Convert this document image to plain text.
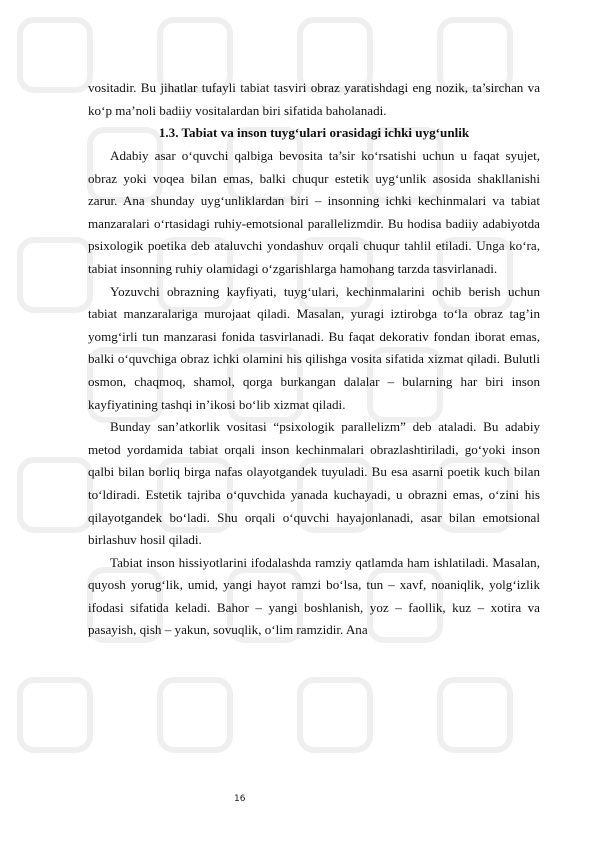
vositadir. Bu jihatlar tufayli tabiat tasviri obraz yaratishdagi eng nozik, ta’sirchan va ko‘p ma’noli badiiy vositalardan biri sifatida baholanadi.

1.3. Tabiat va inson tuyg‘ulari orasidagi ichki uyg‘unlik

Adabiy asar o‘quvchi qalbiga bevosita ta’sir ko‘rsatishi uchun u faqat syujet, obraz yoki voqea bilan emas, balki chuqur estetik uyg‘unlik asosida shakllanishi zarur. Ana shunday uyg‘unliklardan biri – insonning ichki kechinmalari va tabiat manzaralari o‘rtasidagi ruhiy-emotsional parallelizmdir. Bu hodisa badiiy adabiyotda psixologik poetika deb ataluvchi yondashuv orqali chuqur tahlil etiladi. Unga ko‘ra, tabiat insonning ruhiy olamidagi o‘zgarishlarga hamohang tarzda tasvirlanadi.

Yozuvchi obrazning kayfiyati, tuyg‘ulari, kechinmalarini ochib berish uchun tabiat manzaralariga murojaat qiladi. Masalan, yuragi iztirobga to‘la obraz tag’in yomg‘irli tun manzarasi fonida tasvirlanadi. Bu faqat dekorativ fondan iborat emas, balki o‘quvchiga obraz ichki olamini his qilishga vosita sifatida xizmat qiladi. Bulutli osmon, chaqmoq, shamol, qorga burkangan dalalar – bularning har biri inson kayfiyatining tashqi in’ikosi bo‘lib xizmat qiladi.

Bunday san’atkorlik vositasi “psixologik parallelizm” deb ataladi. Bu adabiy metod yordamida tabiat orqali inson kechinmalari obrazlashtiriladi, go‘yoki inson qalbi bilan borliq birga nafas olayotgandek tuyuladi. Bu esa asarni poetik kuch bilan to‘ldiradi. Estetik tajriba o‘quvchida yanada kuchayadi, u obrazni emas, o‘zini his qilayotgandek bo‘ladi. Shu orqali o‘quvchi hayajonlanadi, asar bilan emotsional birlashuv hosil qiladi.

Tabiat inson hissiyotlarini ifodalashda ramziy qatlamda ham ishlatiladi. Masalan, quyosh yorug‘lik, umid, yangi hayot ramzi bo‘lsa, tun – xavf, noaniqlik, yolg‘izlik ifodasi sifatida keladi. Bahor – yangi boshlanish, yoz – faollik, kuz – xotira va pasayish, qish – yakun, sovuqlik, o‘lim ramzidir. Ana

16
